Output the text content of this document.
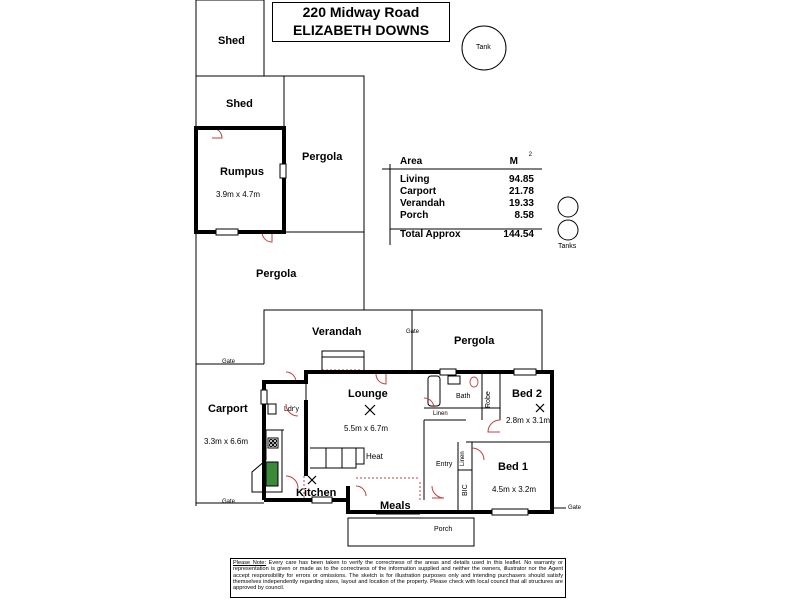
220 Midway Road
ELIZABETH DOWNS
Shed
Shed
Rumpus
3.9m x 4.7m
Pergola
Pergola
Verandah
Pergola
Lounge
5.5m x 6.7m
Carport
3.3m x 6.6m
Ldr'y
Kitchen
Heat
Meals
Porch
Entry
Bath Robe
Linen
Linen
Bed 2
2.8m x 3.1m
Bed 1
4.5m x 3.2m
BIC
Gate
Gate
Gate
Gate
Tank
Tanks
Area	M
2
Living	94.85
Carport	21.78
Verandah	19.33
Porch	8.58
Total Approx	144.54
Please Note: Every care has been taken to verify the correctness of the areas and details used in this leaflet. No warranty or representation is given or made as to the correctness of the information supplied and neither the owners, illustrator nor the Agent accept responsibility for errors or omissions. The sketch is for illustration purposes only and intending purchasers should satisfy themselves independently regarding sizes, layout and location of the property. Please check with local council that all structures are approved by council.
